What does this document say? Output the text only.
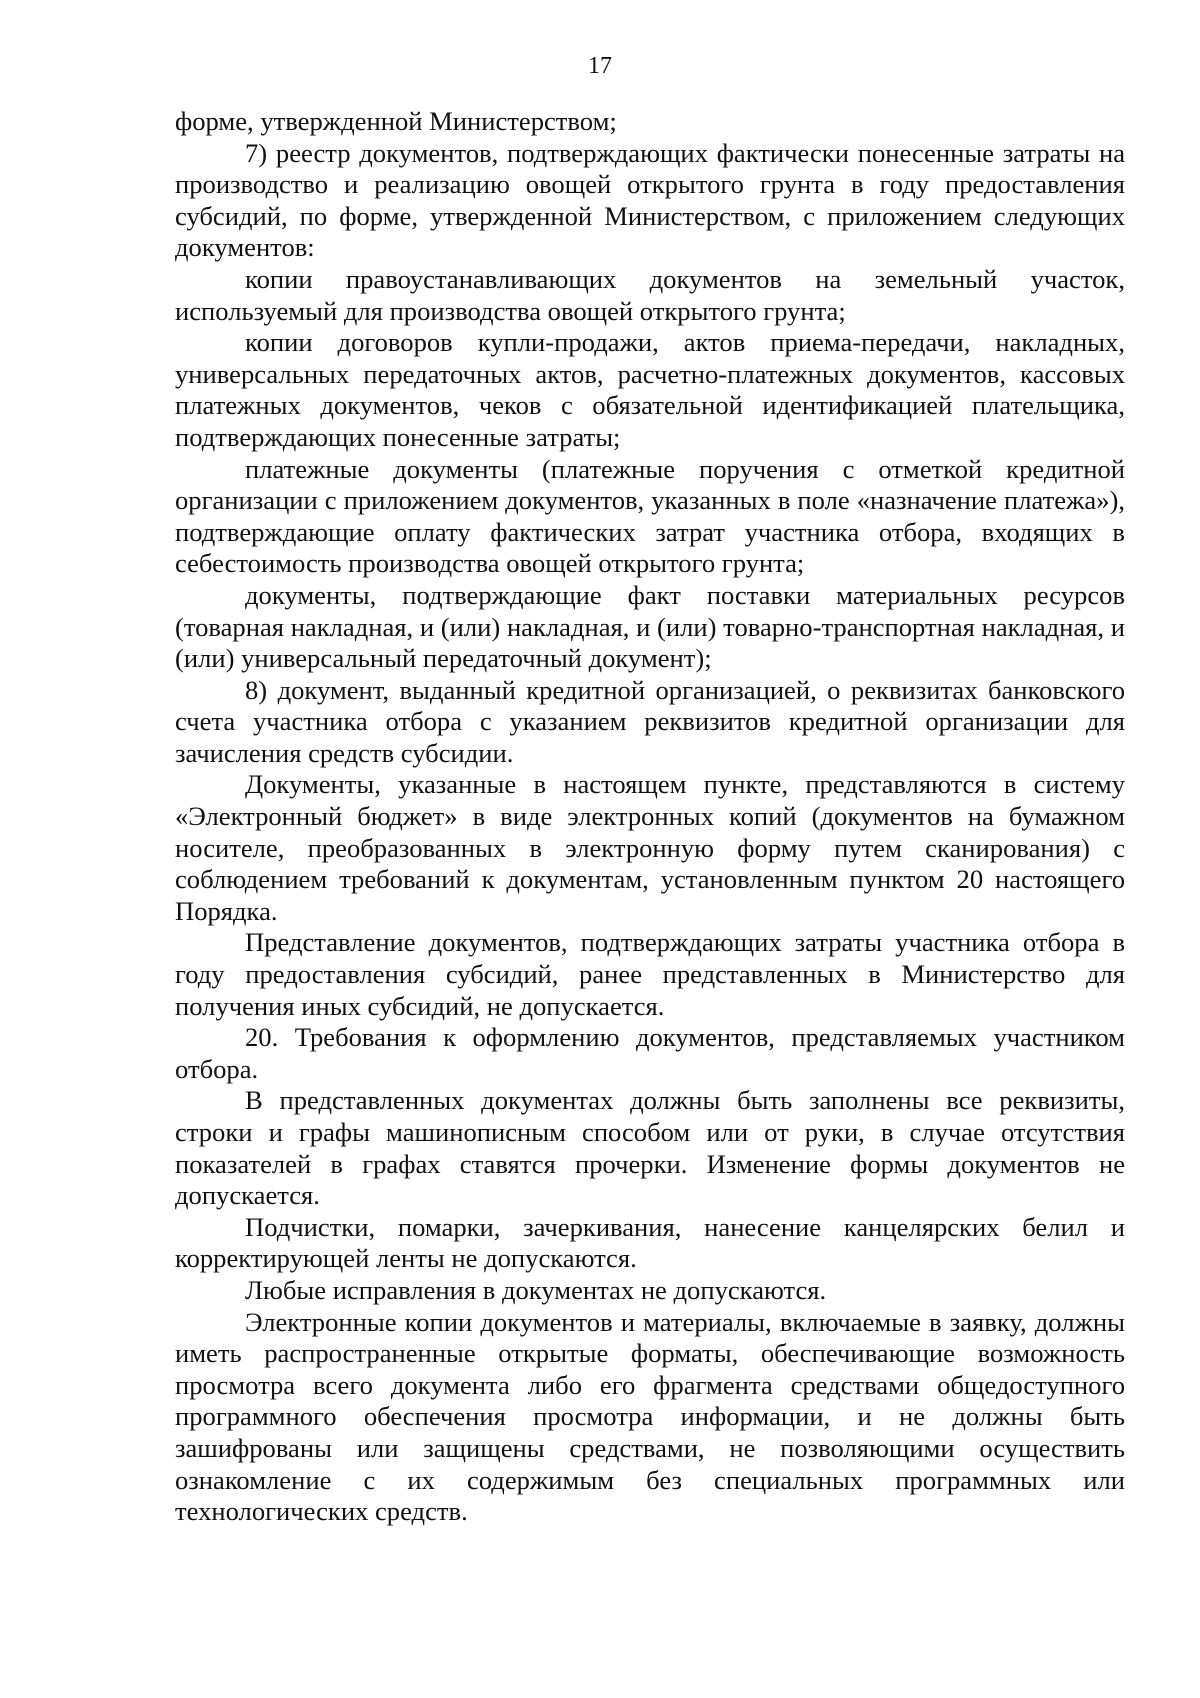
17

форме, утвержденной Министерством;

7) реестр документов, подтверждающих фактически понесенные затраты на производство и реализацию овощей открытого грунта в году предоставления субсидий, по форме, утвержденной Министерством, с приложением следующих документов:

копии правоустанавливающих документов на земельный участок, используемый для производства овощей открытого грунта;

копии договоров купли-продажи, актов приема-передачи, накладных, универсальных передаточных актов, расчетно-платежных документов, кассовых платежных документов, чеков с обязательной идентификацией плательщика, подтверждающих понесенные затраты;

платежные документы (платежные поручения с отметкой кредитной организации с приложением документов, указанных в поле «назначение платежа»), подтверждающие оплату фактических затрат участника отбора, входящих в себестоимость производства овощей открытого грунта;

документы, подтверждающие факт поставки материальных ресурсов (товарная накладная, и (или) накладная, и (или) товарно-транспортная накладная, и (или) универсальный передаточный документ);

8) документ, выданный кредитной организацией, о реквизитах банковского счета участника отбора с указанием реквизитов кредитной организации для зачисления средств субсидии.

Документы, указанные в настоящем пункте, представляются в систему «Электронный бюджет» в виде электронных копий (документов на бумажном носителе, преобразованных в электронную форму путем сканирования) с соблюдением требований к документам, установленным пунктом 20 настоящего Порядка.

Представление документов, подтверждающих затраты участника отбора в году предоставления субсидий, ранее представленных в Министерство для получения иных субсидий, не допускается.

20. Требования к оформлению документов, представляемых участником отбора.

В представленных документах должны быть заполнены все реквизиты, строки и графы машинописным способом или от руки, в случае отсутствия показателей в графах ставятся прочерки. Изменение формы документов не допускается.

Подчистки, помарки, зачеркивания, нанесение канцелярских белил и корректирующей ленты не допускаются.

Любые исправления в документах не допускаются.

Электронные копии документов и материалы, включаемые в заявку, должны иметь распространенные открытые форматы, обеспечивающие возможность просмотра всего документа либо его фрагмента средствами общедоступного программного обеспечения просмотра информации, и не должны быть зашифрованы или защищены средствами, не позволяющими осуществить ознакомление с их содержимым без специальных программных или технологических средств.
